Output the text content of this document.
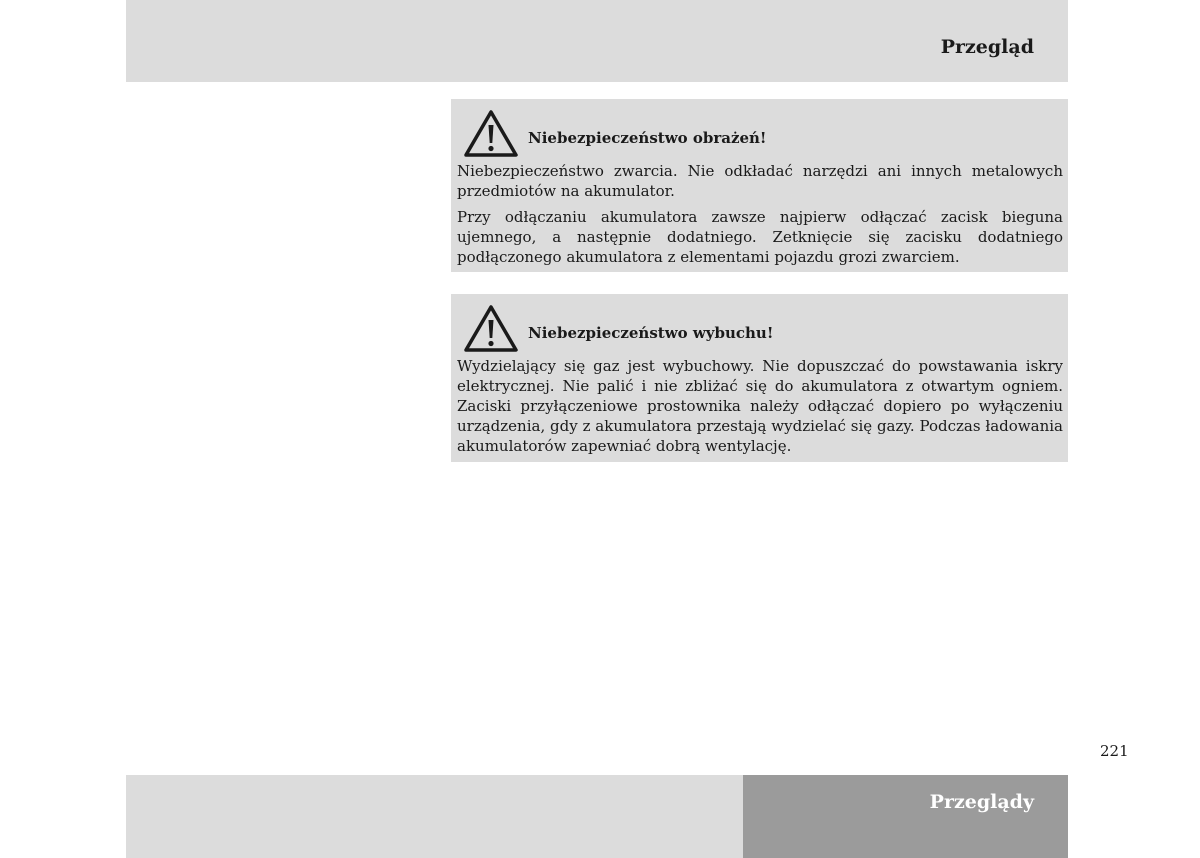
Przegląd
Niebezpieczeństwo obrażeń!

Niebezpieczeństwo zwarcia. Nie odkładać narzędzi ani innych metalowych przedmiotów na akumulator.

Przy odłączaniu akumulatora zawsze najpierw odłączać zacisk bieguna ujemnego, a następnie dodatniego. Zetknięcie się zacisku dodatniego podłączonego akumulatora z elementami pojazdu grozi zwarciem.

Niebezpieczeństwo wybuchu!

Wydzielający się gaz jest wybuchowy. Nie dopuszczać do powstawania iskry elektrycznej. Nie palić i nie zbliżać się do akumulatora z otwartym ogniem. Zaciski przyłączeniowe prostownika należy odłączać dopiero po wyłączeniu urządzenia, gdy z akumulatora przestają wydzielać się gazy. Podczas ładowania akumulatorów zapewniać dobrą wentylację.

221
Przeglądy
